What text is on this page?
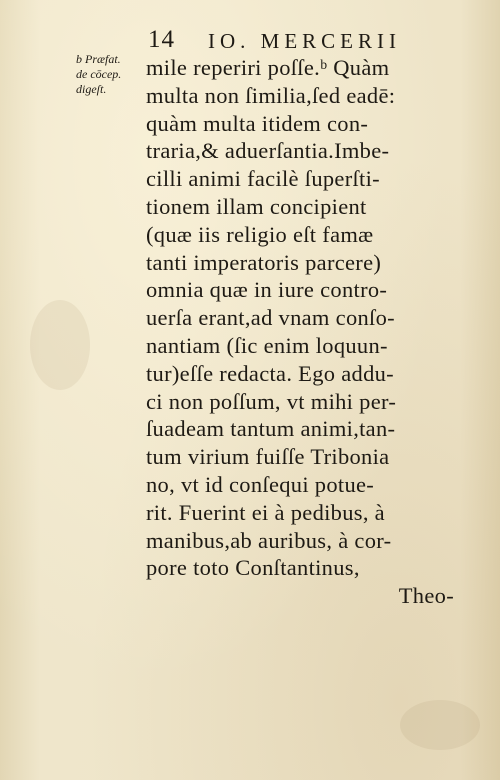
14 IO. MERCERII
b Præfat.
de cōcep.
digeſt.
mile reperiri poſſe.ᵇ Quàm
multa non ſimilia,ſed eadē:
quàm multa itidem con-
traria,& aduerſantia.Imbe-
cilli animi facilè ſuperſti-
tionem illam concipient
(quæ iis religio eſt famæ
tanti imperatoris parcere)
omnia quæ in iure contro-
uerſa erant,ad vnam conſo-
nantiam (ſic enim loquun-
tur)eſſe redacta. Ego addu-
ci non poſſum, vt mihi per-
ſuadeam tantum animi,tan-
tum virium fuiſſe Tribonia
no, vt id conſequi potue-
rit. Fuerint ei à pedibus, à
manibus,ab auribus, à cor-
pore toto Conſtantinus,
Theo-
